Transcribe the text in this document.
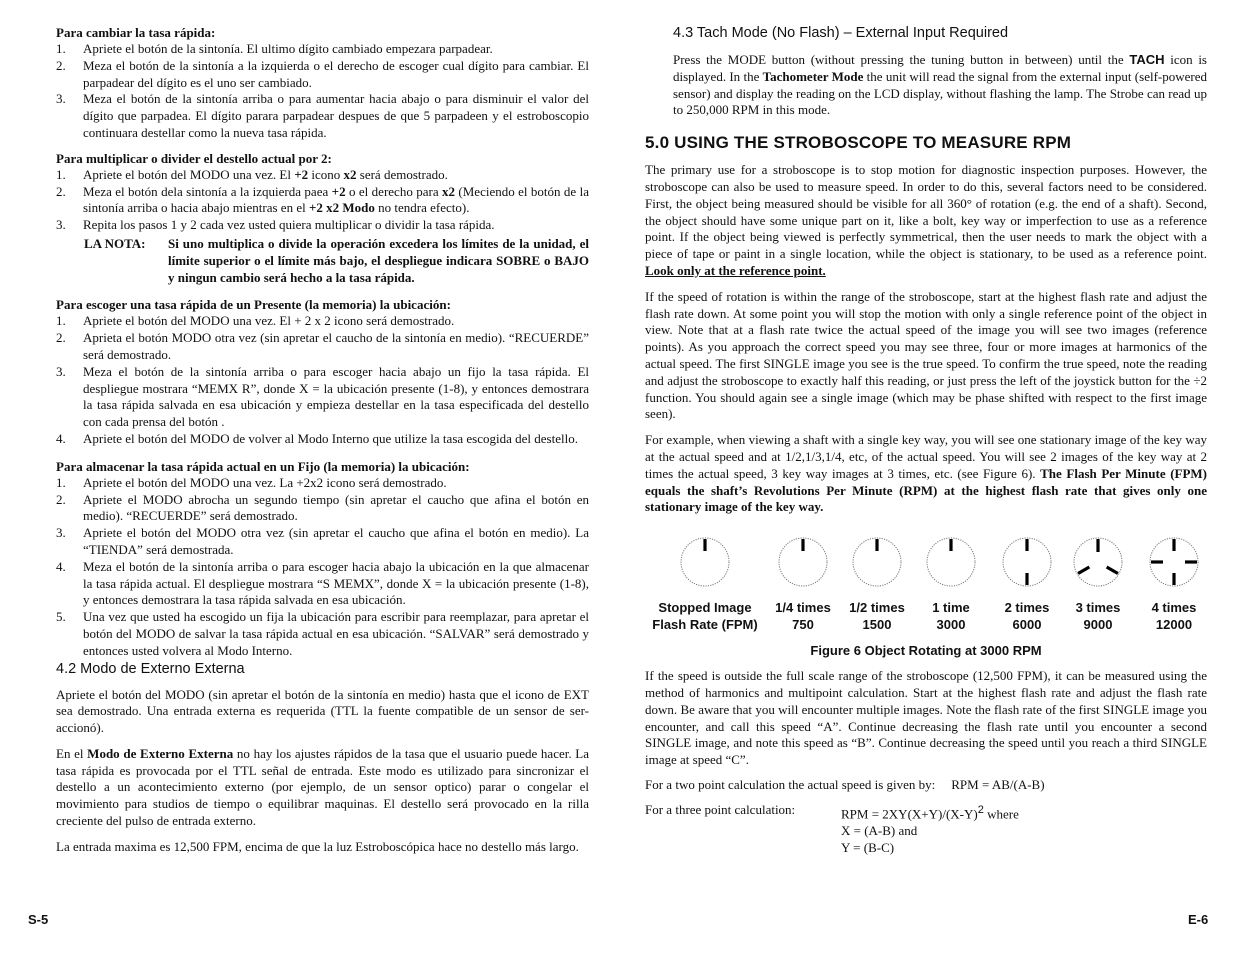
Para cambiar la tasa rápida:

1. Apriete el botón de la sintonía. El ultimo dígito cambiado empezara parpadear.
2. Meza el botón de la sintonía a la izquierda o el derecho de escoger cual dígito para cambiar. El parpadear del dígito es el uno ser cambiado.
3. Meza el botón de la sintonía arriba o para aumentar hacia abajo o para disminuir el valor del dígito que parpadea. El dígito parara parpadear despues de que 5 parpadeen y el estroboscopio continuara destellar como la nueva tasa rápida.

Para multiplicar o divider el destello actual por 2:

1. Apriete el botón del MODO una vez. El +2 icono x2 será demostrado.
2. Meza el botón dela sintonía a la izquierda paea +2 o el derecho para x2 (Meciendo el botón de la sintonía arriba o hacia abajo mientras en el +2 x2 Modo no tendra efecto).
3. Repita los pasos 1 y 2 cada vez usted quiera multiplicar o dividir la tasa rápida.
LA NOTA:	Si uno multiplica o divide la operación excedera los límites de la unidad, el límite superior o el límite más bajo, el despliegue indicara SOBRE o BAJO y ningun cambio será hecho a la tasa rápida.

Para escoger una tasa rápida de un Presente (la memoria) la ubicación:

1. Apriete el botón del MODO una vez. El + 2 x 2 icono será demostrado.
2. Aprieta el botón MODO otra vez (sin apretar el caucho de la sintonía en medio). “RECUERDE” será demostrado.
3. Meza el botón de la sintonía arriba o para escoger hacia abajo un fijo la tasa rápida. El despliegue mostrara “MEMX R”, donde X = la ubicación presente (1-8), y entonces demostrara la tasa rápida salvada en esa ubicación y empieza destellar en la tasa especificada del destello con cada prensa del botón .
4. Apriete el botón del MODO de volver al Modo Interno que utilize la tasa escogida del destello.

Para almacenar la tasa rápida actual en un Fijo (la memoria) la ubicación:

1. Apriete el botón del MODO una vez. La +2x2 icono será demostrado.
2. Apriete el MODO abrocha un segundo tiempo (sin apretar el caucho que afina el botón en medio). “RECUERDE” será demostrado.
3. Apriete el botón del MODO otra vez (sin apretar el caucho que afina el botón en medio). La “TIENDA” será demostrada.
4. Meza el botón de la sintonía arriba o para escoger hacia abajo la ubicación en la que almacenar la tasa rápida actual. El despliegue mostrara “S MEMX”, donde X = la ubicación presente (1-8), y entonces demostrara la tasa rápida salvada en esa ubicación.
5. Una vez que usted ha escogido un fija la ubicación para escribir para reemplazar, para apretar el botón del MODO de salvar la tasa rápida actual en esa ubicación. “SALVAR” será demostrado y entonces usted volvera al Modo Interno.
4.2 Modo de Externo Externa

Apriete el botón del MODO (sin apretar el botón de la sintonía en medio) hasta que el icono de EXT sea demostrado. Una entrada externa es requerida (TTL la fuente compatible de un sensor de ser-accionó).

En el Modo de Externo Externa no hay los ajustes rápidos de la tasa que el usuario puede hacer. La tasa rápida es provocada por el TTL señal de entrada. Este modo es utilizado para sincronizar el destello a un acontecimiento externo (por ejemplo, de un sensor optico) parar o congelar el movimiento para studios de tiempo o equilibrar maquinas. El destello será provocado en la rilla creciente del pulso de entrada externo.

La entrada maxima es 12,500 FPM, encima de que la luz Estroboscópica hace no destello más largo.

S-5
4.3 Tach Mode (No Flash) – External Input Required

Press the MODE button (without pressing the tuning button in between) until the TACH icon is displayed. In the Tachometer Mode the unit will read the signal from the external input (self-powered sensor) and display the reading on the LCD display, without flashing the lamp. The Strobe can read up to 250,000 RPM in this mode.

5.0 USING THE STROBOSCOPE TO MEASURE RPM

The primary use for a stroboscope is to stop motion for diagnostic inspection purposes. However, the stroboscope can also be used to measure speed. In order to do this, several factors need to be considered. First, the object being measured should be visible for all 360° of rotation (e.g. the end of a shaft). Second, the object should have some unique part on it, like a bolt, key way or imperfection to use as a reference point. If the object being viewed is perfectly symmetrical, then the user needs to mark the object with a piece of tape or paint in a single location, while the object is stationary, to be used as a reference point. Look only at the reference point.

If the speed of rotation is within the range of the stroboscope, start at the highest flash rate and adjust the flash rate down. At some point you will stop the motion with only a single reference point of the object in view. Note that at a flash rate twice the actual speed of the image you will see two images (reference points). As you approach the correct speed you may see three, four or more images at harmonics of the actual speed. The first SINGLE image you see is the true speed. To confirm the true speed, note the reading and adjust the stroboscope to exactly half this reading, or just press the left of the joystick button for the ÷2 function. You should again see a single image (which may be phase shifted with respect to the first image seen).

For example, when viewing a shaft with a single key way, you will see one stationary image of the key way at the actual speed and at 1/2,1/3,1/4, etc, of the actual speed. You will see 2 images of the key way at 2 times the actual speed, 3 key way images at 3 times, etc. (see Figure 6). The Flash Per Minute (FPM) equals the shaft’s Revolutions Per Minute (RPM) at the highest flash rate that gives only one stationary image of the key way.

Stopped Image
Flash Rate (FPM)
1/4 times
750
1/2 times
1500
1 time
3000
2 times
6000
3 times
9000
4 times
12000
Figure 6 Object Rotating at 3000 RPM

If the speed is outside the full scale range of the stroboscope (12,500 FPM), it can be measured using the method of harmonics and multipoint calculation. Start at the highest flash rate and adjust the flash rate down. Be aware that you will encounter multiple images. Note the flash rate of the first SINGLE image you encounter, and call this speed “A”. Continue decreasing the flash rate until you encounter a second SINGLE image, and note this speed as “B”. Continue decreasing the speed until you reach a third SINGLE image at speed “C”.

For a two point calculation the actual speed is given by: RPM = AB/(A-B)
For a three point calculation:	RPM = $2XY(X+Y)/(X-Y)^2$ where
X = (A-B) and
Y = (B-C)
E-6
